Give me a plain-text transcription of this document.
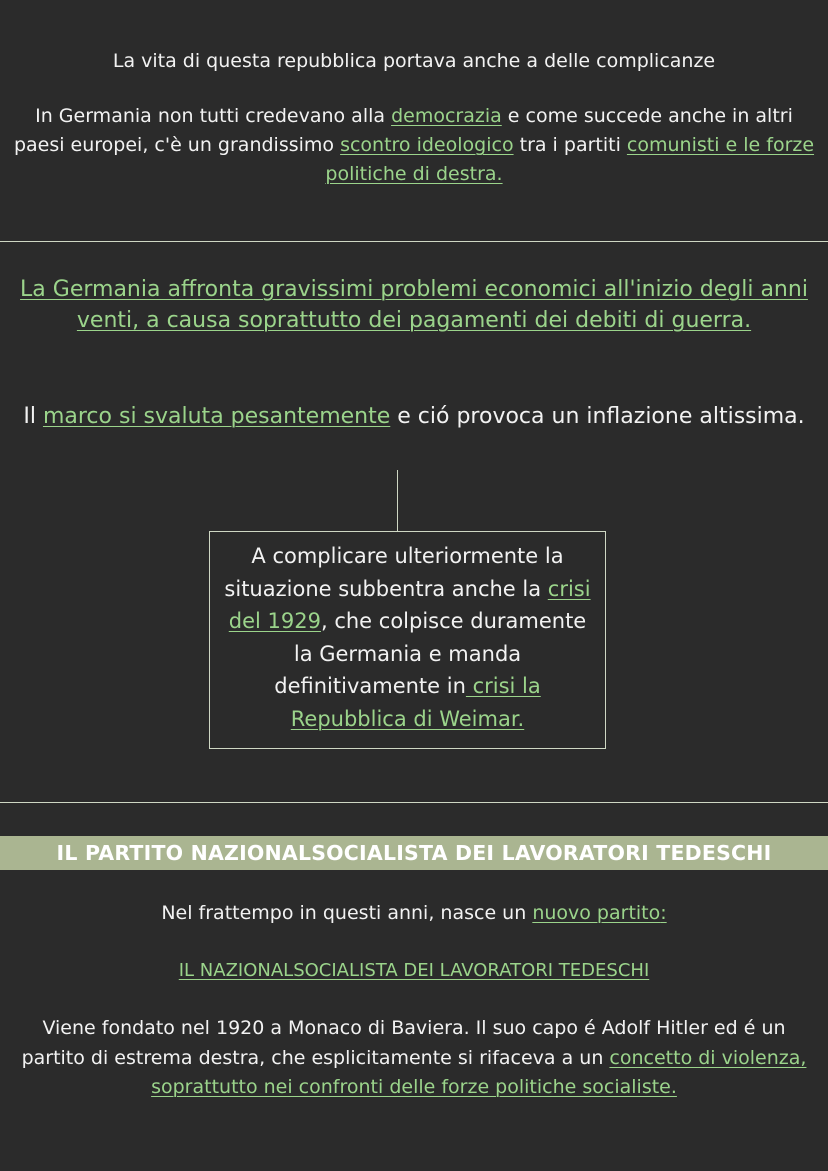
La vita di questa repubblica portava anche a delle complicanze
In Germania non tutti credevano alla democrazia e come succede anche in altri paesi europei, c'è un grandissimo scontro ideologico tra i partiti comunisti e le forze politiche di destra.
La Germania affronta gravissimi problemi economici all'inizio degli anni venti, a causa soprattutto dei pagamenti dei debiti di guerra.
Il marco si svaluta pesantemente e ció provoca un inflazione altissima.
A complicare ulteriormente la situazione subbentra anche la crisi del 1929, che colpisce duramente la Germania e manda definitivamente in crisi la Repubblica di Weimar.
IL PARTITO NAZIONALSOCIALISTA DEI LAVORATORI TEDESCHI
Nel frattempo in questi anni, nasce un nuovo partito:
IL NAZIONALSOCIALISTA DEI LAVORATORI TEDESCHI
Viene fondato nel 1920 a Monaco di Baviera. Il suo capo é Adolf Hitler ed é un partito di estrema destra, che esplicitamente si rifaceva a un concetto di violenza, soprattutto nei confronti delle forze politiche socialiste.
